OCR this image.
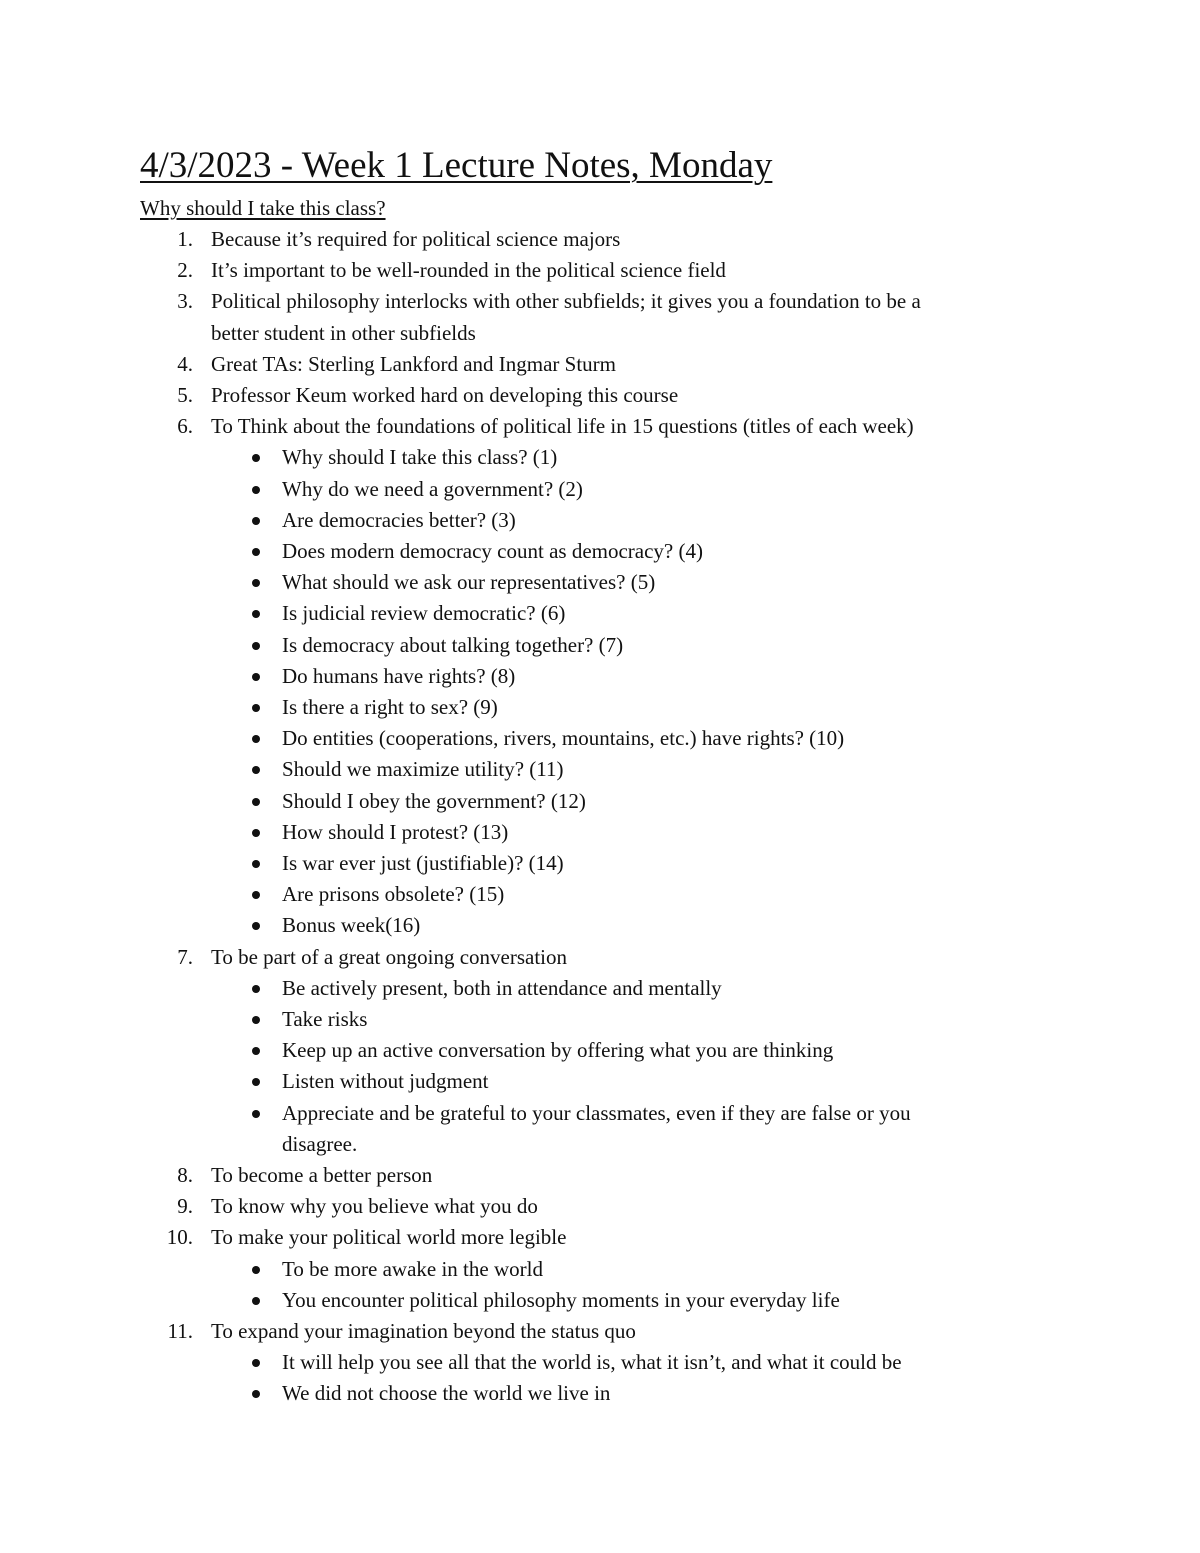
4/3/2023 - Week 1 Lecture Notes, Monday
Why should I take this class?
1. Because it’s required for political science majors
2. It’s important to be well-rounded in the political science field
3. Political philosophy interlocks with other subfields; it gives you a foundation to be a
better student in other subfields
4. Great TAs: Sterling Lankford and Ingmar Sturm
5. Professor Keum worked hard on developing this course
6. To Think about the foundations of political life in 15 questions (titles of each week)
Why should I take this class? (1)
Why do we need a government? (2)
Are democracies better? (3)
Does modern democracy count as democracy? (4)
What should we ask our representatives? (5)
Is judicial review democratic? (6)
Is democracy about talking together? (7)
Do humans have rights? (8)
Is there a right to sex? (9)
Do entities (cooperations, rivers, mountains, etc.) have rights? (10)
Should we maximize utility? (11)
Should I obey the government? (12)
How should I protest? (13)
Is war ever just (justifiable)? (14)
Are prisons obsolete? (15)
Bonus week(16)
7. To be part of a great ongoing conversation
Be actively present, both in attendance and mentally
Take risks
Keep up an active conversation by offering what you are thinking
Listen without judgment
Appreciate and be grateful to your classmates, even if they are false or you
disagree.
8. To become a better person
9. To know why you believe what you do
10. To make your political world more legible
To be more awake in the world
You encounter political philosophy moments in your everyday life
11. To expand your imagination beyond the status quo
It will help you see all that the world is, what it isn’t, and what it could be
We did not choose the world we live in
